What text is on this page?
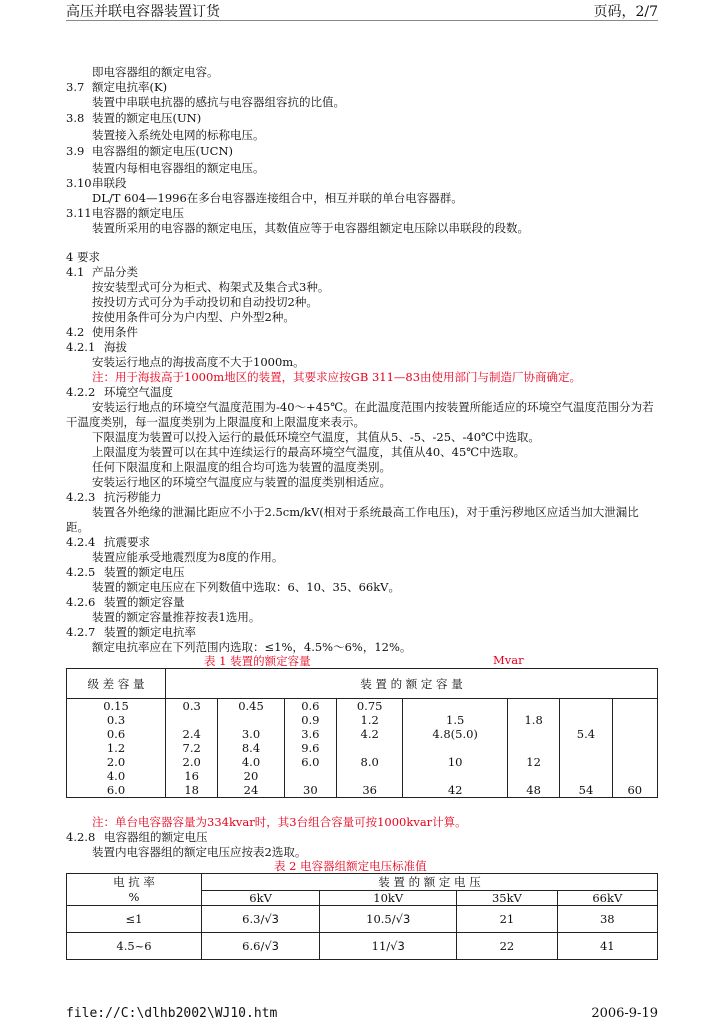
高压并联电容器装置订货	页码，2/7
即电容器组的额定电容。
3.7 额定电抗率(K)
装置中串联电抗器的感抗与电容器组容抗的比值。
3.8 装置的额定电压(UN)
装置接入系统处电网的标称电压。
3.9 电容器组的额定电压(UCN)
装置内每相电容器组的额定电压。
3.10串联段
DL/T 604—1996在多台电容器连接组合中，相互并联的单台电容器群。
3.11电容器的额定电压
装置所采用的电容器的额定电压，其数值应等于电容器组额定电压除以串联段的段数。
4 要求
4.1 产品分类
按安装型式可分为柜式、构架式及集合式3种。
按投切方式可分为手动投切和自动投切2种。
按使用条件可分为户内型、户外型2种。
4.2 使用条件
4.2.1 海拔
安装运行地点的海拔高度不大于1000m。
注：用于海拔高于1000m地区的装置，其要求应按GB 311—83由使用部门与制造厂协商确定。
4.2.2 环境空气温度
安装运行地点的环境空气温度范围为-40～+45℃。在此温度范围内按装置所能适应的环境空气温度范围分为若干温度类别，每一温度类别为上限温度和上限温度来表示。
下限温度为装置可以投入运行的最低环境空气温度，其值从5、-5、-25、-40℃中选取。
上限温度为装置可以在其中连续运行的最高环境空气温度，其值从40、45℃中选取。
任何下限温度和上限温度的组合均可选为装置的温度类别。
安装运行地区的环境空气温度应与装置的温度类别相适应。
4.2.3 抗污秽能力
装置各外绝缘的泄漏比距应不小于2.5cm/kV(相对于系统最高工作电压)，对于重污秽地区应适当加大泄漏比距。
4.2.4 抗震要求
装置应能承受地震烈度为8度的作用。
4.2.5 装置的额定电压
装置的额定电压应在下列数值中选取：6、10、35、66kV。
4.2.6 装置的额定容量
装置的额定容量推荐按表1选用。
4.2.7 装置的额定电抗率
额定电抗率应在下列范围内选取：≤1%，4.5%～6%，12%。
表 1 装置的额定容量	Mvar
级 差 容 量	装 置 的 额 定 容 量							
0.15	0.3	0.45	0.6	0.75				
0.3			0.9	1.2	1.5	1.8		
0.6	2.4	3.0	3.6	4.2	4.8(5.0)		5.4	
1.2	7.2	8.4	9.6					
2.0	2.0	4.0	6.0	8.0	10	12		
4.0	16	20						
6.0	18	24	30	36	42	48	54	60
注：单台电容器容量为334kvar时，其3台组合容量可按1000kvar计算。
4.2.8 电容器组的额定电压
装置内电容器组的额定电压应按表2选取。
表 2 电容器组额定电压标准值
电 抗 率
%	装 置 的 额 定 电 压			
	6kV	10kV	35kV	66kV
≤1	6.3/√3	10.5/√3	21	38
4.5~6	6.6/√3	11/√3	22	41
file://C:\dlhb2002\WJ10.htm	2006-9-19
